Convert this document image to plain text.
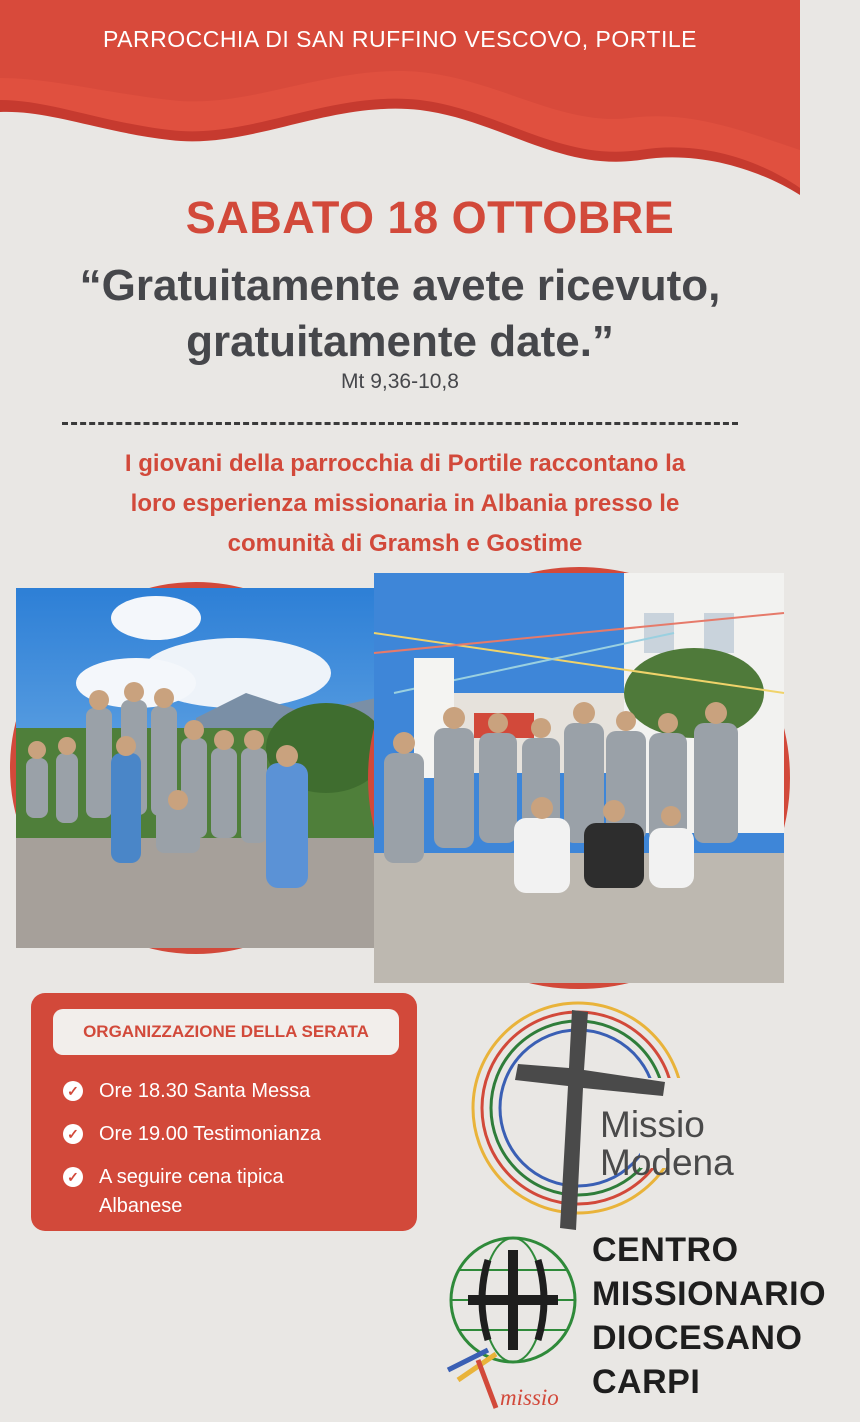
PARROCCHIA DI SAN RUFFINO VESCOVO, PORTILE
SABATO 18 OTTOBRE
“Gratuitamente avete ricevuto,
gratuitamente date.”
Mt 9,36-10,8
I giovani della parrocchia di Portile raccontano la
loro esperienza missionaria in Albania presso le
comunità di Gramsh e Gostime
ORGANIZZAZIONE DELLA SERATA
✓ Ore 18.30 Santa Messa
✓ Ore 19.00 Testimonianza
✓ A seguire cena tipica
Albanese
Missio
Modena
CENTRO
MISSIONARIO
DIOCESANO
CARPI
missio
